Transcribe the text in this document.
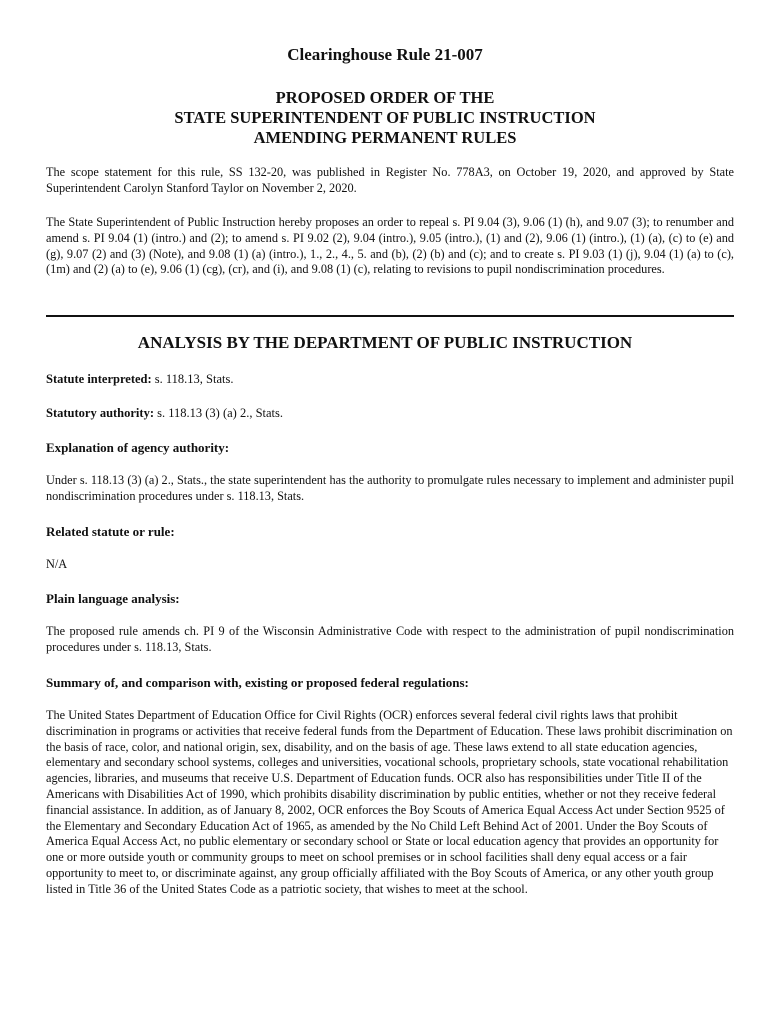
Clearinghouse Rule 21-007
PROPOSED ORDER OF THE
STATE SUPERINTENDENT OF PUBLIC INSTRUCTION
AMENDING PERMANENT RULES
The scope statement for this rule, SS 132-20, was published in Register No. 778A3, on October 19, 2020, and approved by State Superintendent Carolyn Stanford Taylor on November 2, 2020.
The State Superintendent of Public Instruction hereby proposes an order to repeal s. PI 9.04 (3), 9.06 (1) (h), and 9.07 (3); to renumber and amend s. PI 9.04 (1) (intro.) and (2); to amend s. PI 9.02 (2), 9.04 (intro.), 9.05 (intro.), (1) and (2), 9.06 (1) (intro.), (1) (a), (c) to (e) and (g), 9.07 (2) and (3) (Note), and 9.08 (1) (a) (intro.), 1., 2., 4., 5. and (b), (2) (b) and (c); and to create s. PI 9.03 (1) (j), 9.04 (1) (a) to (c), (1m) and (2) (a) to (e), 9.06 (1) (cg), (cr), and (i), and 9.08 (1) (c), relating to revisions to pupil nondiscrimination procedures.
ANALYSIS BY THE DEPARTMENT OF PUBLIC INSTRUCTION
Statute interpreted: s. 118.13, Stats.
Statutory authority: s. 118.13 (3) (a) 2., Stats.
Explanation of agency authority:
Under s. 118.13 (3) (a) 2., Stats., the state superintendent has the authority to promulgate rules necessary to implement and administer pupil nondiscrimination procedures under s. 118.13, Stats.
Related statute or rule:
N/A
Plain language analysis:
The proposed rule amends ch. PI 9 of the Wisconsin Administrative Code with respect to the administration of pupil nondiscrimination procedures under s. 118.13, Stats.
Summary of, and comparison with, existing or proposed federal regulations:
The United States Department of Education Office for Civil Rights (OCR) enforces several federal civil rights laws that prohibit discrimination in programs or activities that receive federal funds from the Department of Education. These laws prohibit discrimination on the basis of race, color, and national origin, sex, disability, and on the basis of age. These laws extend to all state education agencies, elementary and secondary school systems, colleges and universities, vocational schools, proprietary schools, state vocational rehabilitation agencies, libraries, and museums that receive U.S. Department of Education funds. OCR also has responsibilities under Title II of the Americans with Disabilities Act of 1990, which prohibits disability discrimination by public entities, whether or not they receive federal financial assistance. In addition, as of January 8, 2002, OCR enforces the Boy Scouts of America Equal Access Act under Section 9525 of the Elementary and Secondary Education Act of 1965, as amended by the No Child Left Behind Act of 2001. Under the Boy Scouts of America Equal Access Act, no public elementary or secondary school or State or local education agency that provides an opportunity for one or more outside youth or community groups to meet on school premises or in school facilities shall deny equal access or a fair opportunity to meet to, or discriminate against, any group officially affiliated with the Boy Scouts of America, or any other youth group listed in Title 36 of the United States Code as a patriotic society, that wishes to meet at the school.
